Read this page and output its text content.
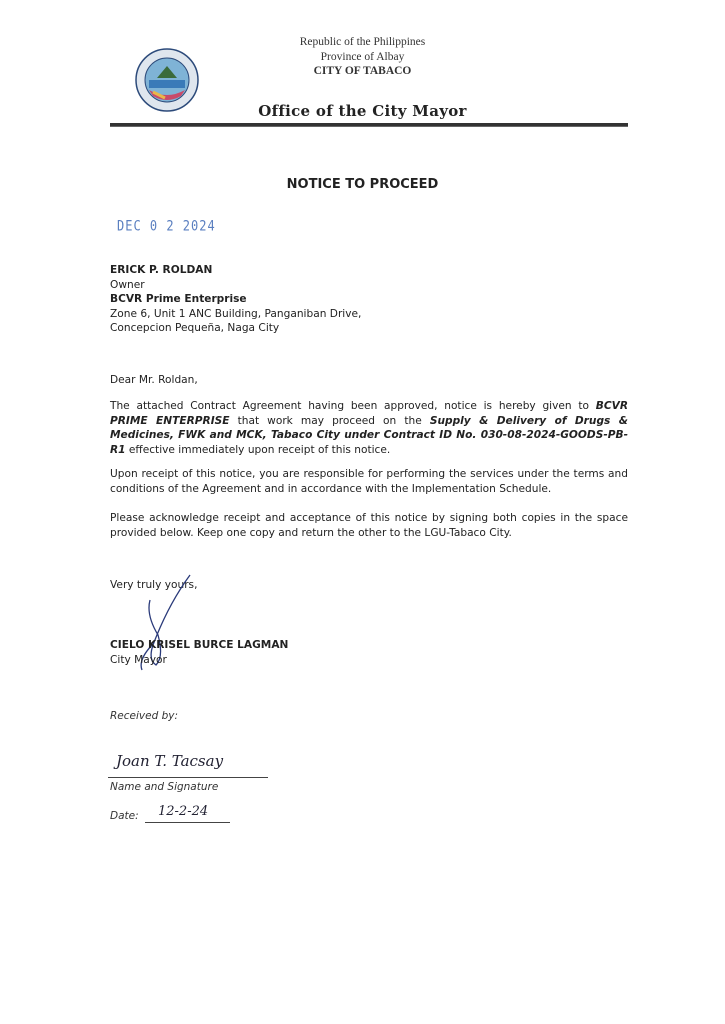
Republic of the Philippines
Province of Albay
CITY OF TABACO
Office of the City Mayor
NOTICE TO PROCEED
DEC 0 2 2024
ERICK P. ROLDAN
Owner
BCVR Prime Enterprise
Zone 6, Unit 1 ANC Building, Panganiban Drive,
Concepcion Pequeña, Naga City
Dear Mr. Roldan,
The attached Contract Agreement having been approved, notice is hereby given to BCVR PRIME ENTERPRISE that work may proceed on the Supply & Delivery of Drugs & Medicines, FWK and MCK, Tabaco City under Contract ID No. 030-08-2024-GOODS-PB-R1 effective immediately upon receipt of this notice.
Upon receipt of this notice, you are responsible for performing the services under the terms and conditions of the Agreement and in accordance with the Implementation Schedule.
Please acknowledge receipt and acceptance of this notice by signing both copies in the space provided below. Keep one copy and return the other to the LGU-Tabaco City.
Very truly yours,
CIELO KRISEL BURCE LAGMAN
City Mayor
Received by:
Joan T. Tacsay
Name and Signature
Date: 12-2-24
